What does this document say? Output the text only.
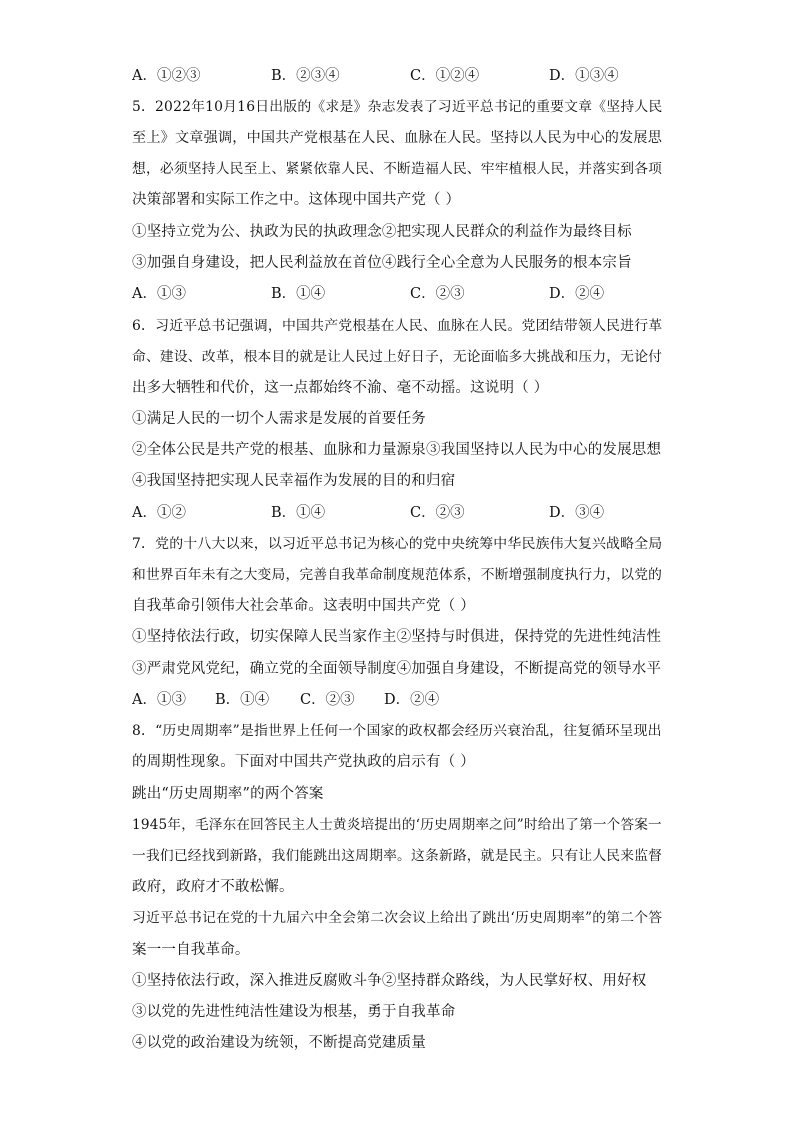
A．①②③	B．②③④	C．①②④	D．①③④
5．2022年10月16日出版的《求是》杂志发表了习近平总书记的重要文章《坚持人民
至上》文章强调，中国共产党根基在人民、血脉在人民。坚持以人民为中心的发展思
想，必须坚持人民至上、紧紧依靠人民、不断造福人民、牢牢植根人民，并落实到各项
决策部署和实际工作之中。这体现中国共产党（ ）
①坚持立党为公、执政为民的执政理念②把实现人民群众的利益作为最终目标
③加强自身建设，把人民利益放在首位④践行全心全意为人民服务的根本宗旨
A．①③	B．①④	C．②③	D．②④
6．习近平总书记强调，中国共产党根基在人民、血脉在人民。党团结带领人民进行革
命、建设、改革，根本目的就是让人民过上好日子，无论面临多大挑战和压力，无论付
出多大牺牲和代价，这一点都始终不渝、毫不动摇。这说明（ ）
①满足人民的一切个人需求是发展的首要任务
②全体公民是共产党的根基、血脉和力量源泉③我国坚持以人民为中心的发展思想
④我国坚持把实现人民幸福作为发展的目的和归宿
A．①②	B．①④	C．②③	D．③④
7．党的十八大以来，以习近平总书记为核心的党中央统筹中华民族伟大复兴战略全局
和世界百年未有之大变局，完善自我革命制度规范体系，不断增强制度执行力，以党的
自我革命引领伟大社会革命。这表明中国共产党（ ）
①坚持依法行政，切实保障人民当家作主②坚持与时俱进，保持党的先进性纯洁性
③严肃党风党纪，确立党的全面领导制度④加强自身建设，不断提高党的领导水平
A．①③ B．①④ C．②③ D．②④
8．“历史周期率”是指世界上任何一个国家的政权都会经历兴衰治乱，往复循环呈现出
的周期性现象。下面对中国共产党执政的启示有（ ）
跳出“历史周期率”的两个答案
1945年，毛泽东在回答民主人士黄炎培提出的‘历史周期率之问”时给出了第一个答案一
一我们已经找到新路，我们能跳出这周期率。这条新路，就是民主。只有让人民来监督
政府，政府才不敢松懈。
习近平总书记在党的十九届六中全会第二次会议上给出了跳出‘历史周期率”的第二个答
案一一自我革命。
①坚持依法行政，深入推进反腐败斗争②坚持群众路线，为人民掌好权、用好权
③以党的先进性纯洁性建设为根基，勇于自我革命
④以党的政治建设为统领，不断提高党建质量
